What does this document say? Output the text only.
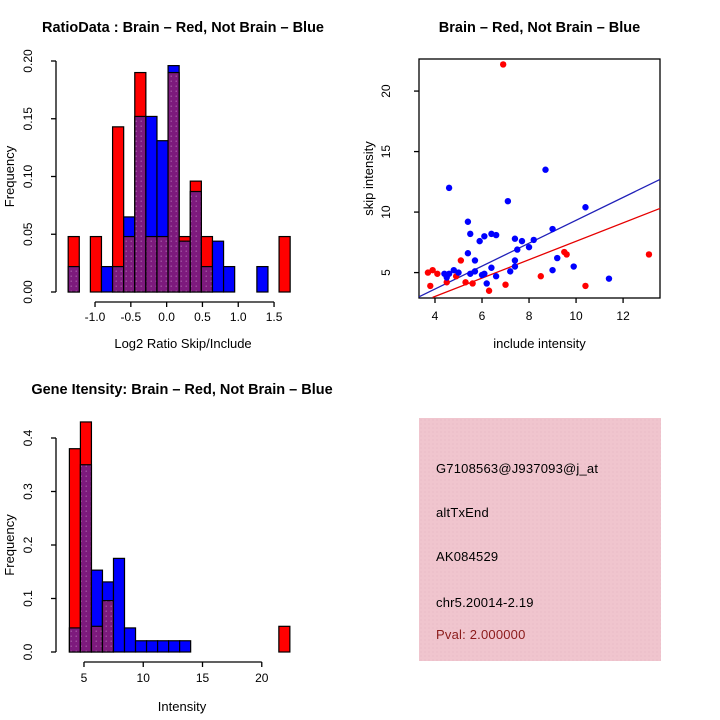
RatioData : Brain – Red, Not Brain – Blue
Log2 Ratio Skip/Include
Frequency
-1.0 -0.5 0.0 0.5 1.0 1.5
0.00
0.05
0.10
0.15
0.20
Brain – Red, Not Brain – Blue
include intensity
skip intensity
4	6	8	10	12
5
10
15
20
Gene Itensity: Brain – Red, Not Brain – Blue
Intensity
Frequency
5	10	15	20
0.0
0.1
0.2
0.3
0.4
G7108563@J937093@j_at
altTxEnd
AK084529
chr5.20014-2.19
Pval: 2.000000
